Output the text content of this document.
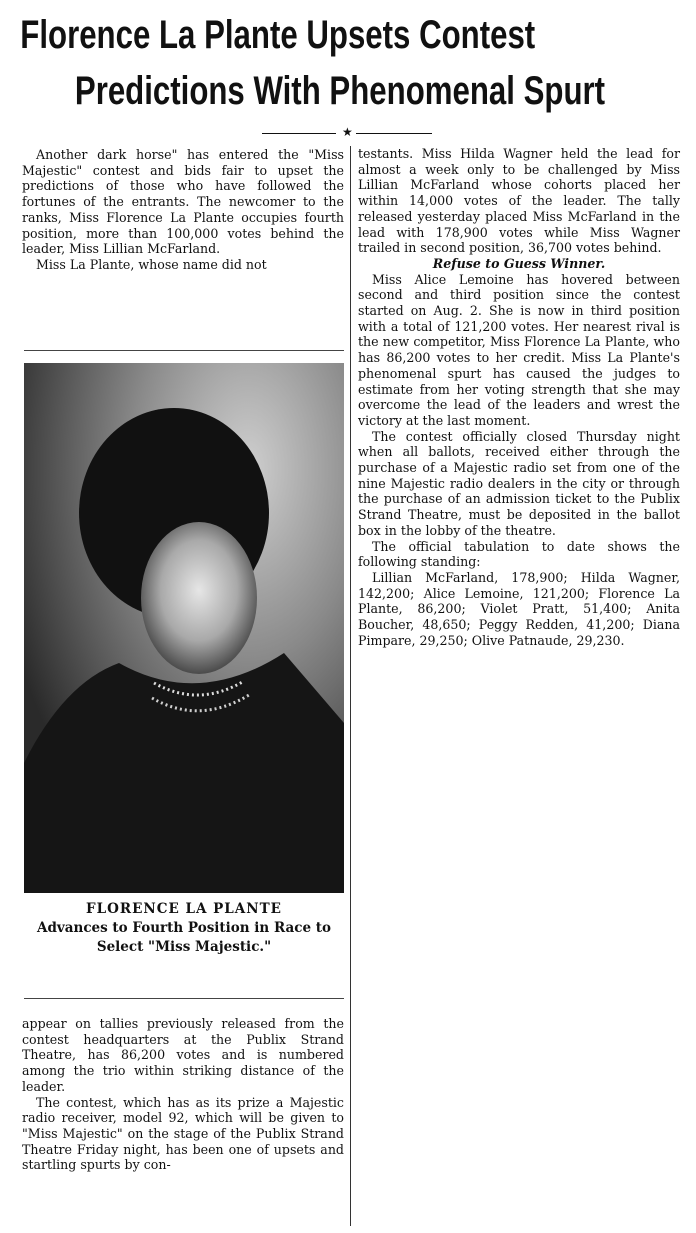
Florence La Plante Upsets Contest
Predictions With Phenomenal Spurt
★

Another dark horse" has entered the "Miss Majestic" contest and bids fair to upset the predictions of those who have followed the fortunes of the entrants. The newcomer to the ranks, Miss Florence La Plante occupies fourth position, more than 100,000 votes behind the leader, Miss Lillian McFarland.

Miss La Plante, whose name did not

FLORENCE LA PLANTE
Advances to Fourth Position in Race to Select "Miss Majestic."

appear on tallies previously released from the contest headquarters at the Publix Strand Theatre, has 86,200 votes and is numbered among the trio within striking distance of the leader.

The contest, which has as its prize a Majestic radio receiver, model 92, which will be given to "Miss Majestic" on the stage of the Publix Strand Theatre Friday night, has been one of upsets and startling spurts by con-

testants. Miss Hilda Wagner held the lead for almost a week only to be challenged by Miss Lillian McFarland whose cohorts placed her within 14,000 votes of the leader. The tally released yesterday placed Miss McFarland in the lead with 178,900 votes while Miss Wagner trailed in second position, 36,700 votes behind.

Refuse to Guess Winner.

Miss Alice Lemoine has hovered between second and third position since the contest started on Aug. 2. She is now in third position with a total of 121,200 votes. Her nearest rival is the new competitor, Miss Florence La Plante, who has 86,200 votes to her credit. Miss La Plante's phenomenal spurt has caused the judges to estimate from her voting strength that she may overcome the lead of the leaders and wrest the victory at the last moment.

The contest officially closed Thursday night when all ballots, received either through the purchase of a Majestic radio set from one of the nine Majestic radio dealers in the city or through the purchase of an admission ticket to the Publix Strand Theatre, must be deposited in the ballot box in the lobby of the theatre.

The official tabulation to date shows the following standing:

Lillian McFarland, 178,900; Hilda Wagner, 142,200; Alice Lemoine, 121,200; Florence La Plante, 86,200; Violet Pratt, 51,400; Anita Boucher, 48,650; Peggy Redden, 41,200; Diana Pimpare, 29,250; Olive Patnaude, 29,230.
